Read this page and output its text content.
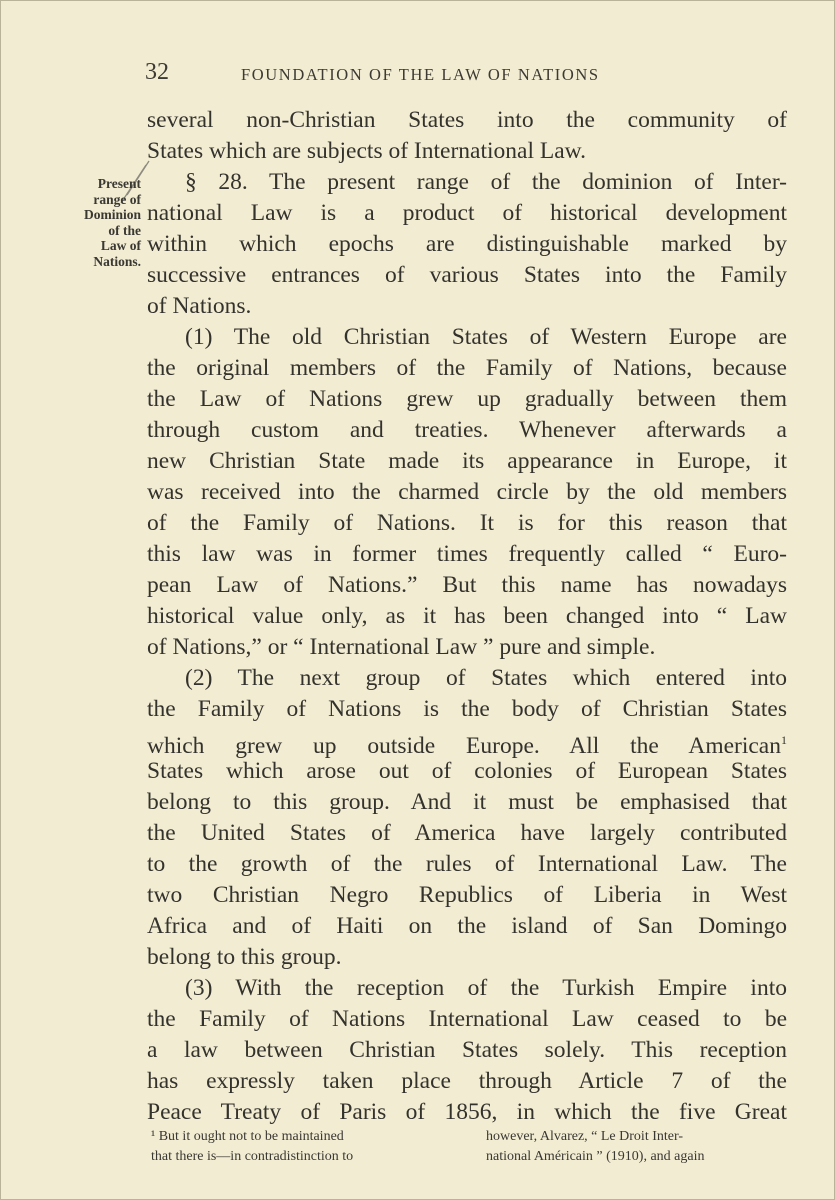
32	FOUNDATION OF THE LAW OF NATIONS
Present
range of
Dominion
of the
Law of
Nations.
several non-Christian States into the community of
States which are subjects of International Law.
§ 28. The present range of the dominion of Inter-
national Law is a product of historical development
within which epochs are distinguishable marked by
successive entrances of various States into the Family
of Nations.
(1) The old Christian States of Western Europe are
the original members of the Family of Nations, because
the Law of Nations grew up gradually between them
through custom and treaties. Whenever afterwards a
new Christian State made its appearance in Europe, it
was received into the charmed circle by the old members
of the Family of Nations. It is for this reason that
this law was in former times frequently called “ Euro-
pean Law of Nations.” But this name has nowadays
historical value only, as it has been changed into “ Law
of Nations,” or “ International Law ” pure and simple.
(2) The next group of States which entered into
the Family of Nations is the body of Christian States
which grew up outside Europe. All the American$^1$
States which arose out of colonies of European States
belong to this group. And it must be emphasised that
the United States of America have largely contributed
to the growth of the rules of International Law. The
two Christian Negro Republics of Liberia in West
Africa and of Haiti on the island of San Domingo
belong to this group.
(3) With the reception of the Turkish Empire into
the Family of Nations International Law ceased to be
a law between Christian States solely. This reception
has expressly taken place through Article 7 of the
Peace Treaty of Paris of 1856, in which the five Great
¹ But it ought not to be maintained
that there is—in contradistinction to
however, Alvarez, “ Le Droit Inter-
national Américain ” (1910), and again
